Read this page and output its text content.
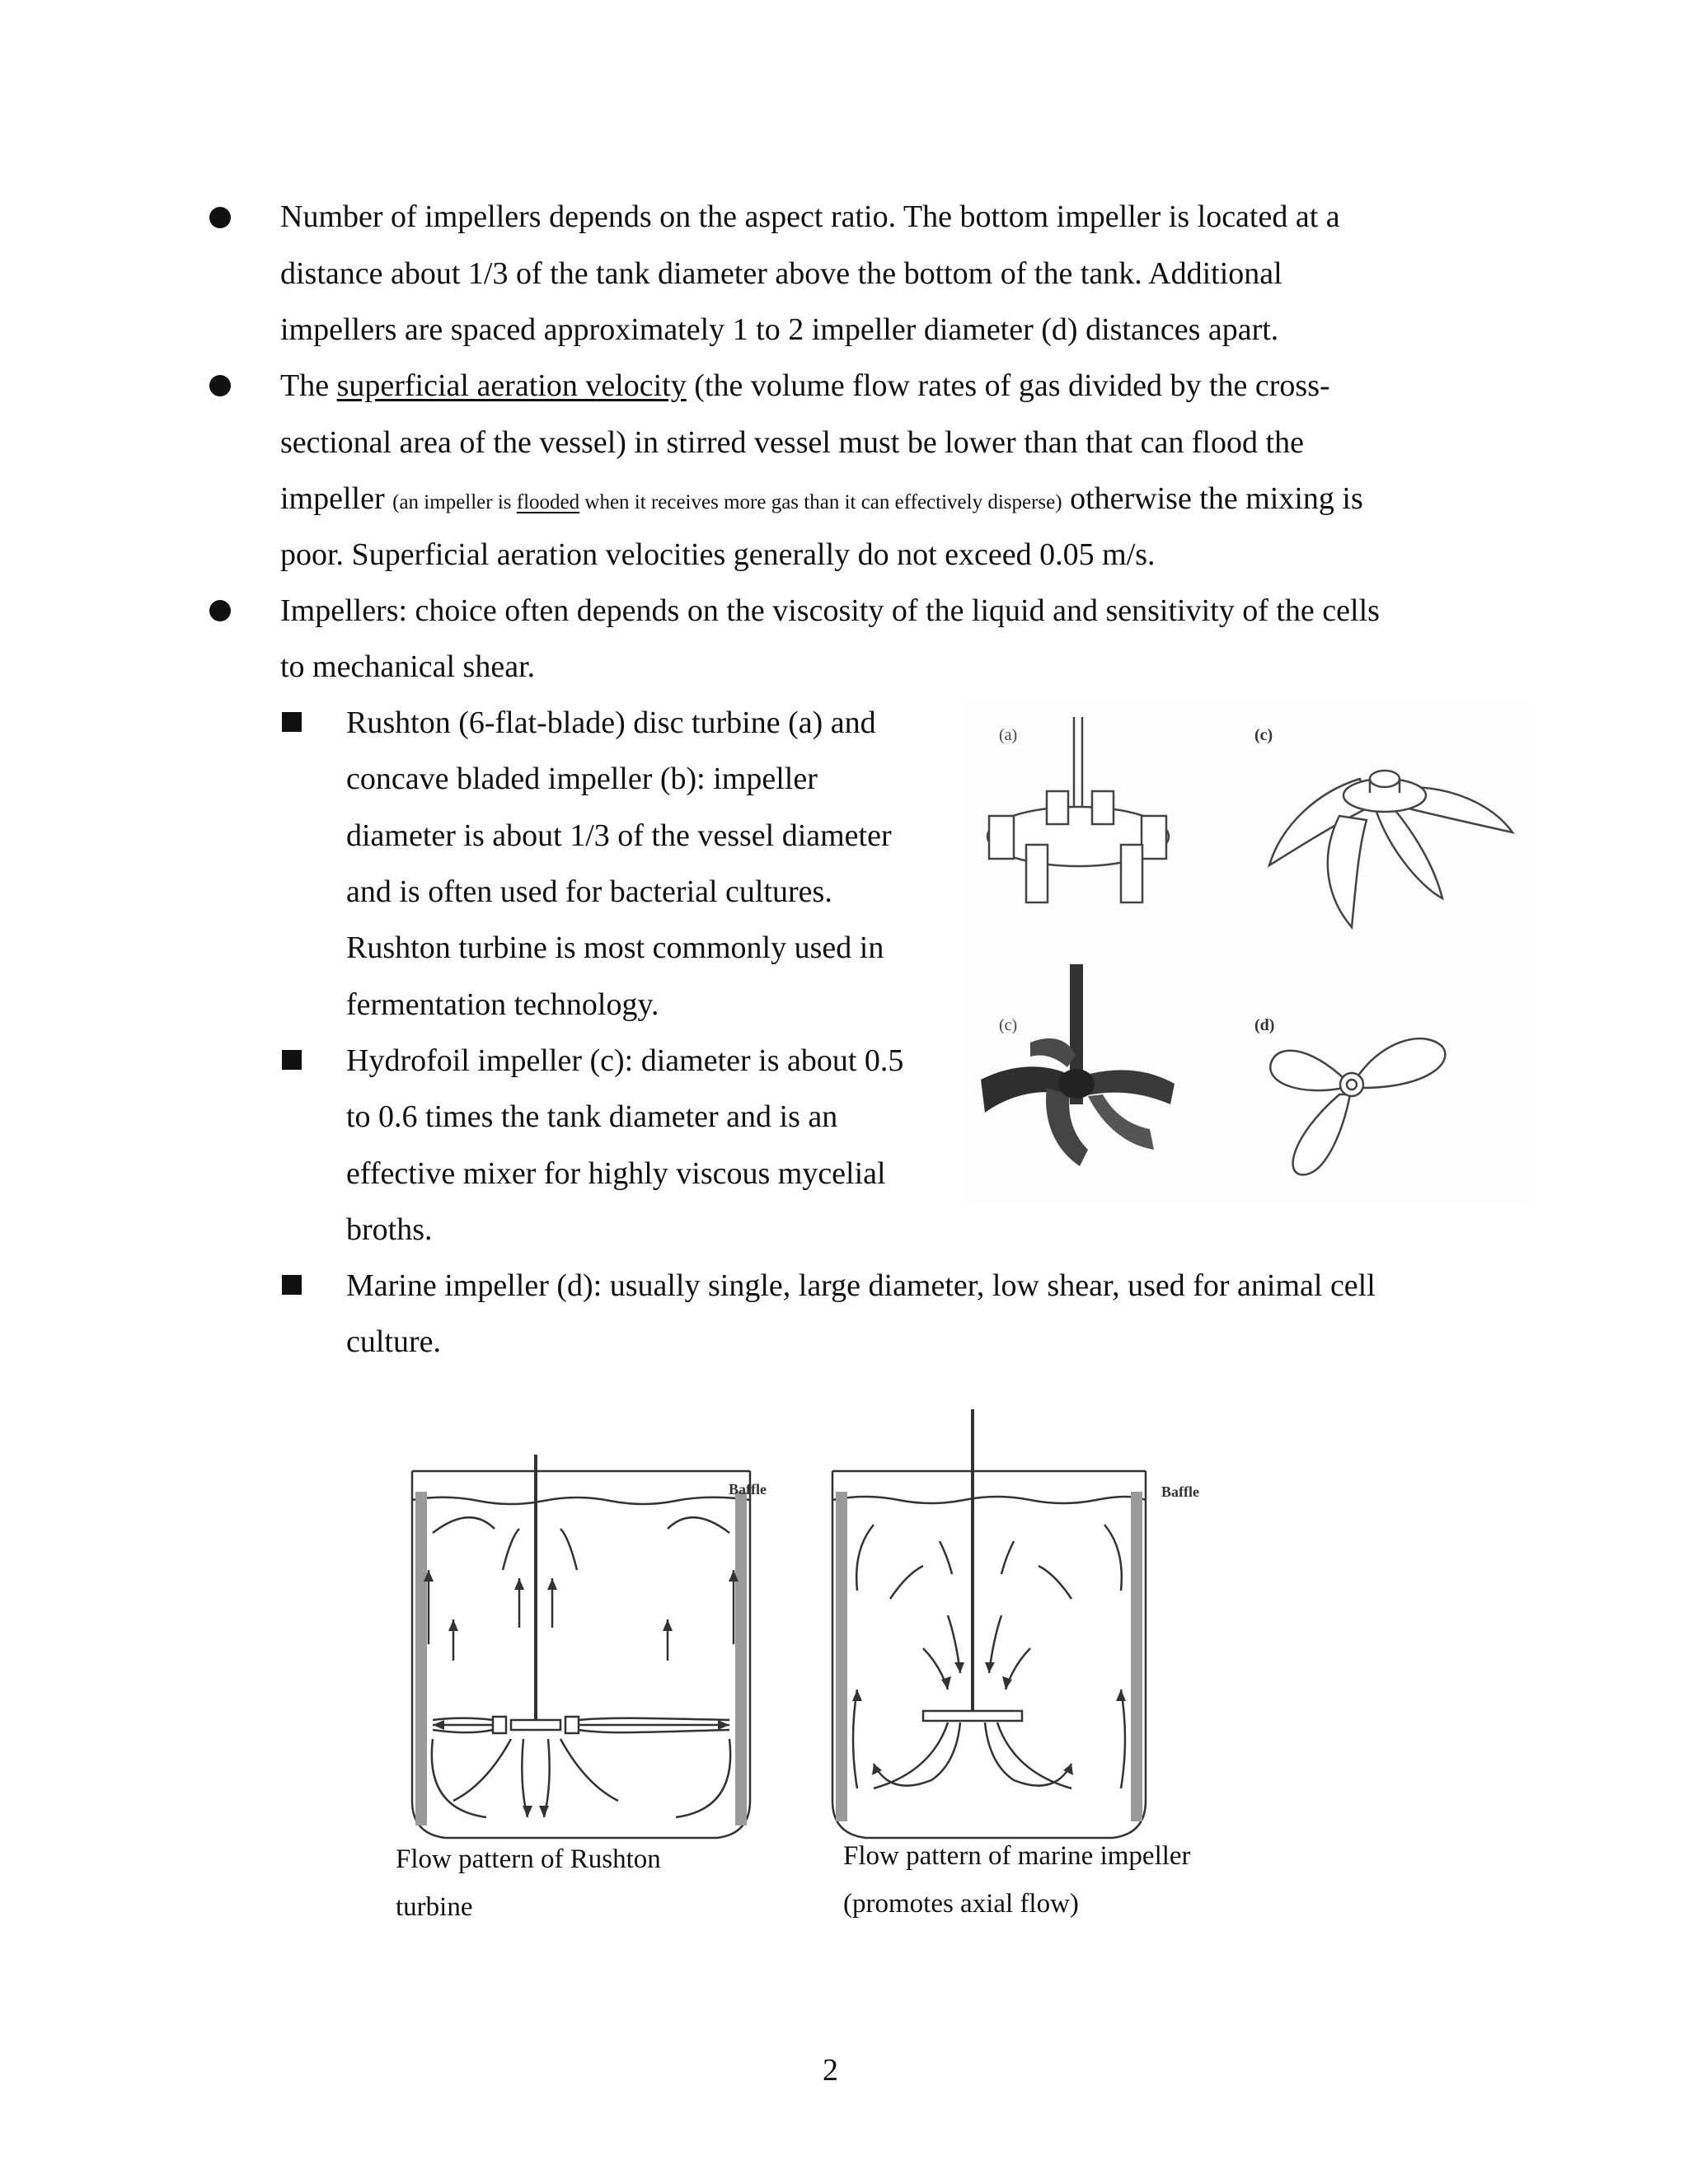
Number of impellers depends on the aspect ratio. The bottom impeller is located at a
distance about 1/3 of the tank diameter above the bottom of the tank. Additional
impellers are spaced approximately 1 to 2 impeller diameter (d) distances apart.
The superficial aeration velocity (the volume flow rates of gas divided by the cross-
sectional area of the vessel) in stirred vessel must be lower than that can flood the
impeller (an impeller is flooded when it receives more gas than it can effectively disperse) otherwise the mixing is
poor. Superficial aeration velocities generally do not exceed 0.05 m/s.
Impellers: choice often depends on the viscosity of the liquid and sensitivity of the cells
to mechanical shear.
Rushton (6-flat-blade) disc turbine (a) and
concave bladed impeller (b): impeller
diameter is about 1/3 of the vessel diameter
and is often used for bacterial cultures.
Rushton turbine is most commonly used in
fermentation technology.
Hydrofoil impeller (c): diameter is about 0.5
to 0.6 times the tank diameter and is an
effective mixer for highly viscous mycelial
broths.
Marine impeller (d): usually single, large diameter, low shear, used for animal cell
culture.
(a)	(c)
(c)	(d)
Baffle	Baffle
Flow pattern of Rushton
turbine
Flow pattern of marine impeller
(promotes axial flow)
2
